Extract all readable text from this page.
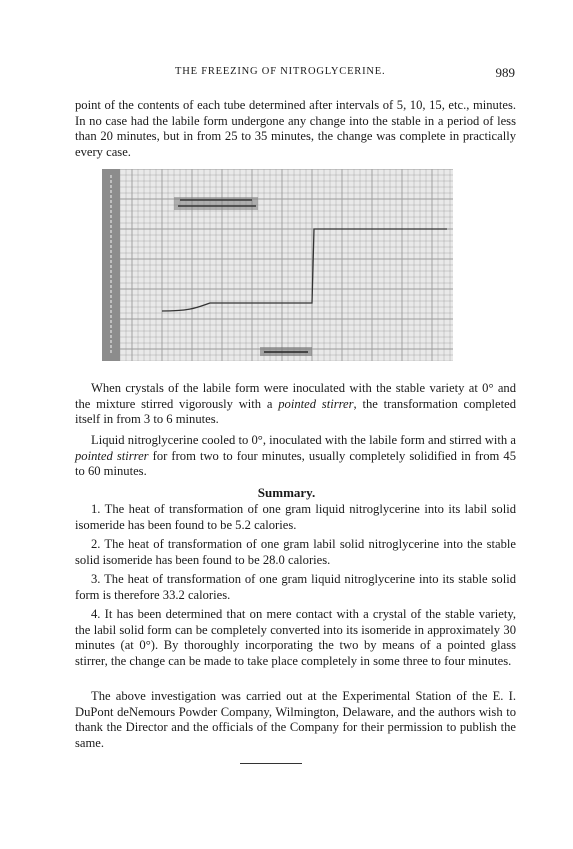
THE FREEZING OF NITROGLYCERINE.	989

point of the contents of each tube determined after intervals of 5, 10, 15, etc., minutes. In no case had the labile form undergone any change into the stable in a period of less than 20 minutes, but in from 25 to 35 minutes, the change was complete in practically every case.

When crystals of the labile form were inoculated with the stable variety at 0° and the mixture stirred vigorously with a pointed stirrer, the transformation completed itself in from 3 to 6 minutes.

Liquid nitroglycerine cooled to 0°, inoculated with the labile form and stirred with a pointed stirrer for from two to four minutes, usually completely solidified in from 45 to 60 minutes.

Summary.

1. The heat of transformation of one gram liquid nitroglycerine into its labil solid isomeride has been found to be 5.2 calories.

2. The heat of transformation of one gram labil solid nitroglycerine into the stable solid isomeride has been found to be 28.0 calories.

3. The heat of transformation of one gram liquid nitroglycerine into its stable solid form is therefore 33.2 calories.

4. It has been determined that on mere contact with a crystal of the stable variety, the labil solid form can be completely converted into its isomeride in approximately 30 minutes (at 0°). By thoroughly incorporating the two by means of a pointed glass stirrer, the change can be made to take place completely in some three to four minutes.

The above investigation was carried out at the Experimental Station of the E. I. DuPont deNemours Powder Company, Wilmington, Delaware, and the authors wish to thank the Director and the officials of the Company for their permission to publish the same.
